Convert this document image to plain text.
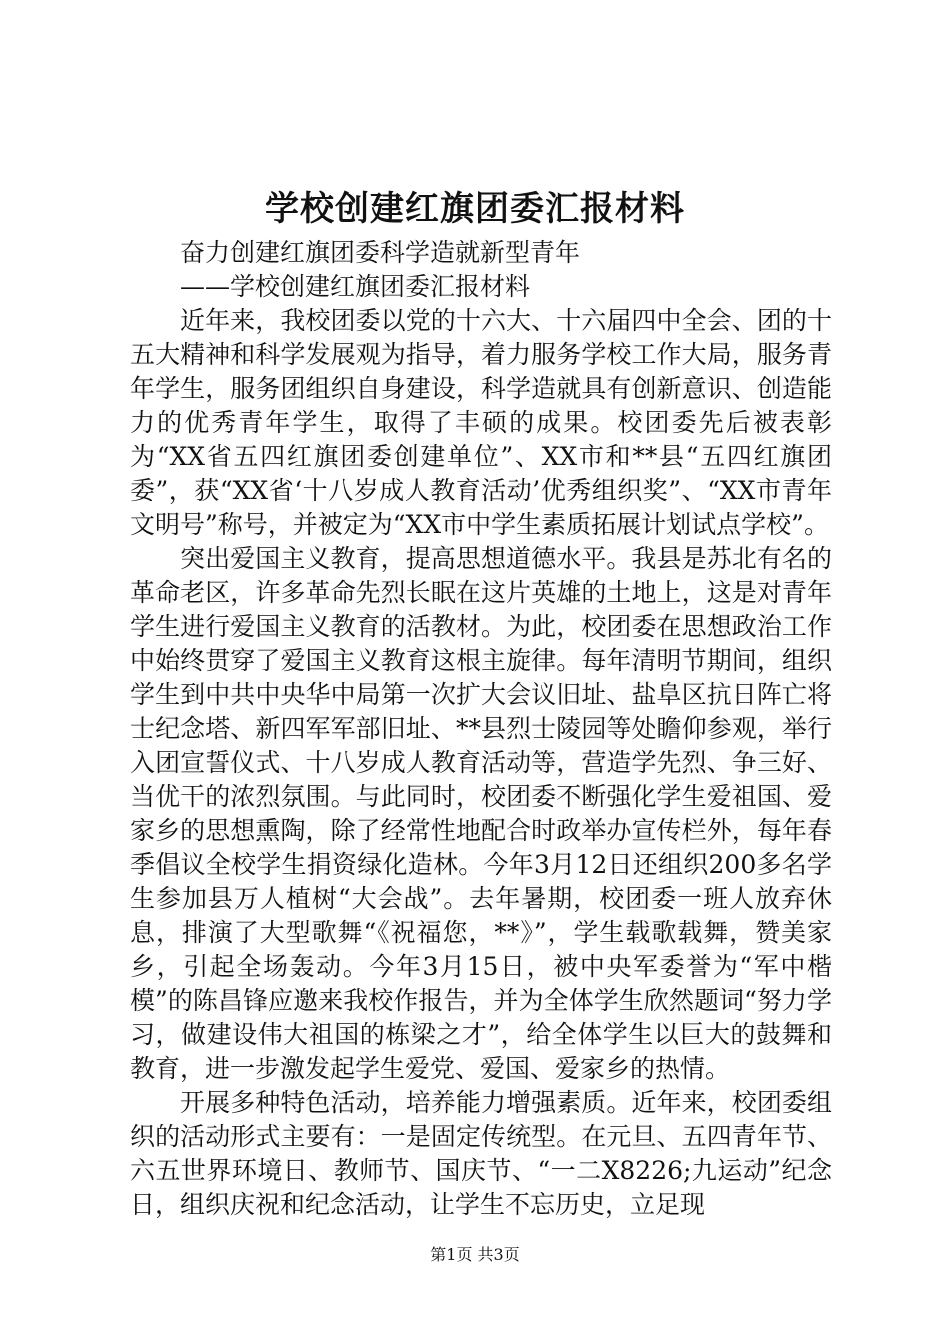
学校创建红旗团委汇报材料

奋力创建红旗团委科学造就新型青年

——学校创建红旗团委汇报材料

近年来，我校团委以党的十六大、十六届四中全会、团的十五大精神和科学发展观为指导，着力服务学校工作大局，服务青年学生，服务团组织自身建设，科学造就具有创新意识、创造能力的优秀青年学生，取得了丰硕的成果。校团委先后被表彰为“XX省五四红旗团委创建单位”、XX市和**县“五四红旗团委”，获“XX省‘十八岁成人教育活动’优秀组织奖”、“XX市青年文明号”称号，并被定为“XX市中学生素质拓展计划试点学校”。

突出爱国主义教育，提高思想道德水平。我县是苏北有名的革命老区，许多革命先烈长眠在这片英雄的土地上，这是对青年学生进行爱国主义教育的活教材。为此，校团委在思想政治工作中始终贯穿了爱国主义教育这根主旋律。每年清明节期间，组织学生到中共中央华中局第一次扩大会议旧址、盐阜区抗日阵亡将士纪念塔、新四军军部旧址、**县烈士陵园等处瞻仰参观，举行入团宣誓仪式、十八岁成人教育活动等，营造学先烈、争三好、当优干的浓烈氛围。与此同时，校团委不断强化学生爱祖国、爱家乡的思想熏陶，除了经常性地配合时政举办宣传栏外，每年春季倡议全校学生捐资绿化造林。今年3月12日还组织200多名学生参加县万人植树“大会战”。去年暑期，校团委一班人放弃休息，排演了大型歌舞“《祝福您，**》”，学生载歌载舞，赞美家乡，引起全场轰动。今年3月15日，被中央军委誉为“军中楷模”的陈昌锋应邀来我校作报告，并为全体学生欣然题词“努力学习，做建设伟大祖国的栋梁之才”，给全体学生以巨大的鼓舞和教育，进一步激发起学生爱党、爱国、爱家乡的热情。

开展多种特色活动，培养能力增强素质。近年来，校团委组织的活动形式主要有：一是固定传统型。在元旦、五四青年节、六五世界环境日、教师节、国庆节、“一二X8226;九运动”纪念日，组织庆祝和纪念活动，让学生不忘历史，立足现

第1页 共3页
